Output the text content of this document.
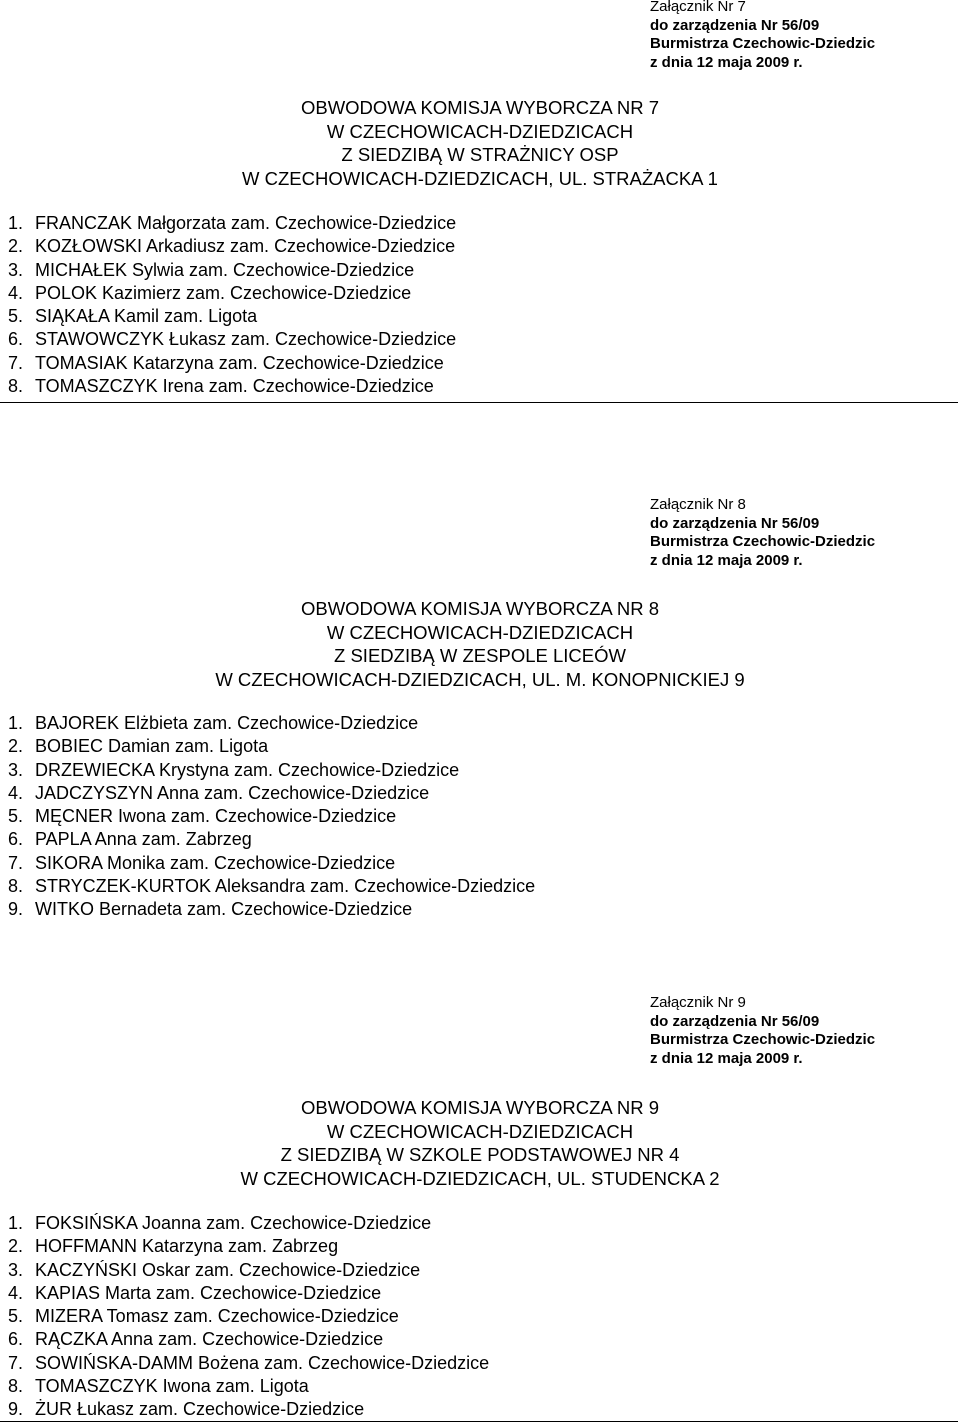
Załącznik Nr 7
do zarządzenia Nr 56/09
Burmistrza Czechowic-Dziedzic
z dnia 12 maja 2009 r.
OBWODOWA KOMISJA WYBORCZA NR 7
W CZECHOWICACH-DZIEDZICACH
Z SIEDZIBĄ W STRAŻNICY OSP
W CZECHOWICACH-DZIEDZICACH, UL. STRAŻACKA 1
1. FRANCZAK Małgorzata zam. Czechowice-Dziedzice
2. KOZŁOWSKI Arkadiusz zam. Czechowice-Dziedzice
3. MICHAŁEK Sylwia zam. Czechowice-Dziedzice
4. POLOK Kazimierz zam. Czechowice-Dziedzice
5. SIĄKAŁA Kamil zam. Ligota
6. STAWOWCZYK Łukasz zam. Czechowice-Dziedzice
7. TOMASIAK Katarzyna zam. Czechowice-Dziedzice
8. TOMASZCZYK Irena zam. Czechowice-Dziedzice
Załącznik Nr 8
do zarządzenia Nr 56/09
Burmistrza Czechowic-Dziedzic
z dnia 12 maja 2009 r.
OBWODOWA KOMISJA WYBORCZA NR 8
W CZECHOWICACH-DZIEDZICACH
Z SIEDZIBĄ W ZESPOLE LICEÓW
W CZECHOWICACH-DZIEDZICACH, UL. M. KONOPNICKIEJ 9
1. BAJOREK Elżbieta zam. Czechowice-Dziedzice
2. BOBIEC Damian zam. Ligota
3. DRZEWIECKA Krystyna zam. Czechowice-Dziedzice
4. JADCZYSZYN Anna zam. Czechowice-Dziedzice
5. MĘCNER Iwona zam. Czechowice-Dziedzice
6. PAPLA Anna zam. Zabrzeg
7. SIKORA Monika zam. Czechowice-Dziedzice
8. STRYCZEK-KURTOK Aleksandra zam. Czechowice-Dziedzice
9. WITKO Bernadeta zam. Czechowice-Dziedzice
Załącznik Nr 9
do zarządzenia Nr 56/09
Burmistrza Czechowic-Dziedzic
z dnia 12 maja 2009 r.
OBWODOWA KOMISJA WYBORCZA NR 9
W CZECHOWICACH-DZIEDZICACH
Z SIEDZIBĄ W SZKOLE PODSTAWOWEJ NR 4
W CZECHOWICACH-DZIEDZICACH, UL. STUDENCKA 2
1. FOKSIŃSKA Joanna zam. Czechowice-Dziedzice
2. HOFFMANN Katarzyna zam. Zabrzeg
3. KACZYŃSKI Oskar zam. Czechowice-Dziedzice
4. KAPIAS Marta zam. Czechowice-Dziedzice
5. MIZERA Tomasz zam. Czechowice-Dziedzice
6. RĄCZKA Anna zam. Czechowice-Dziedzice
7. SOWIŃSKA-DAMM Bożena zam. Czechowice-Dziedzice
8. TOMASZCZYK Iwona zam. Ligota
9. ŻUR Łukasz zam. Czechowice-Dziedzice
